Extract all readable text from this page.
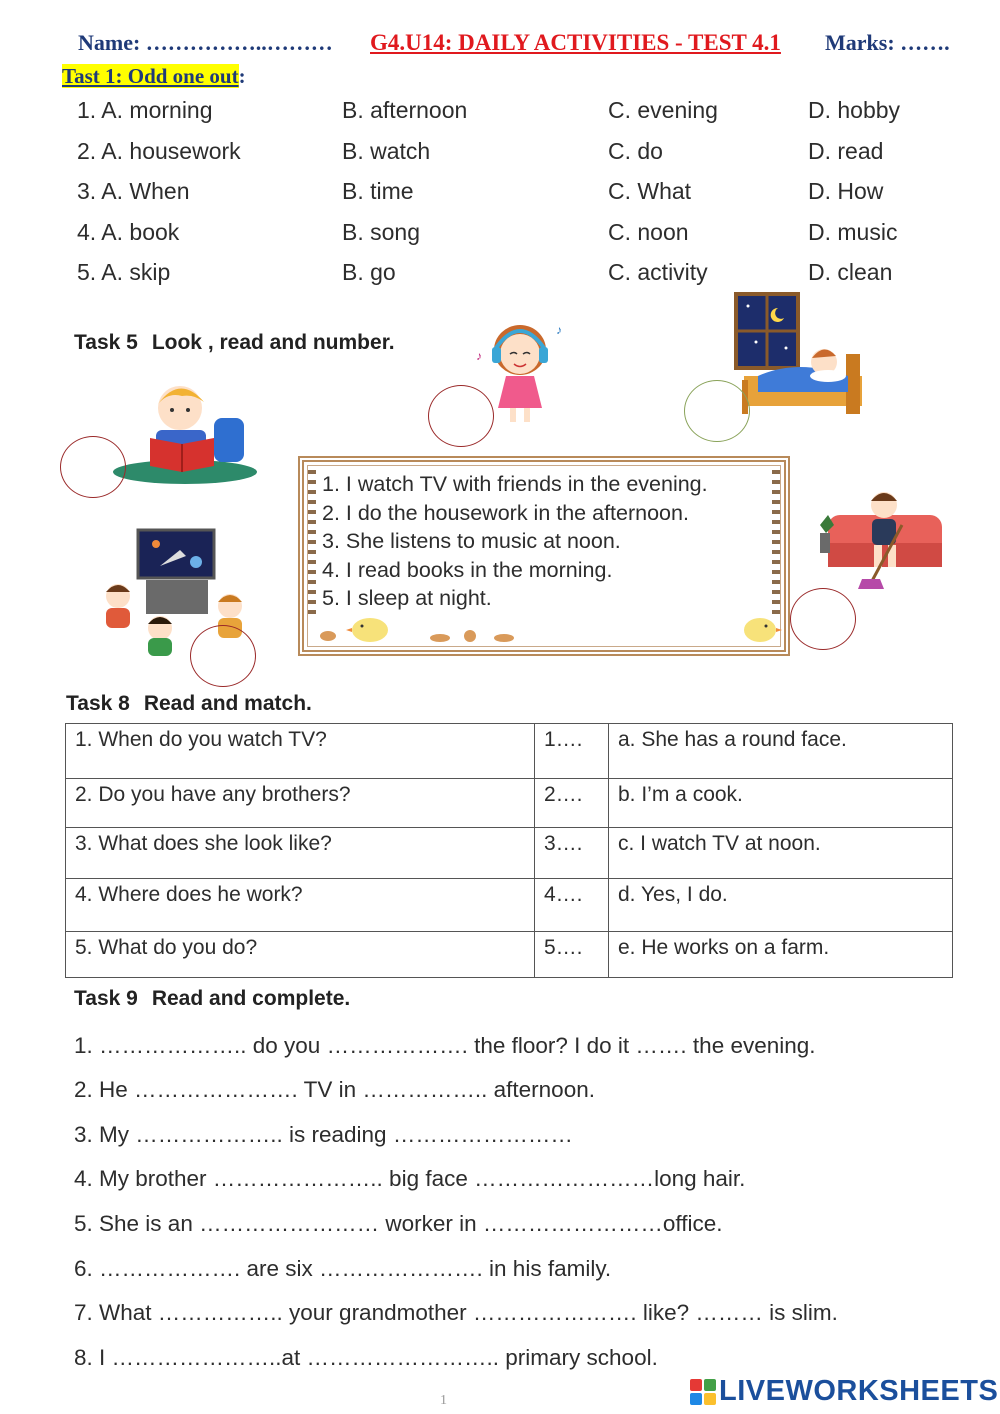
Name: ……………..……… G4.U14: DAILY ACTIVITIES - TEST 4.1 Marks: …….
Tast 1: Odd one out:
1. A. morning	B. afternoon	C. evening	D. hobby
2. A. housework	B. watch	C. do	D. read
3. A. When	B. time	C. What	D. How
4. A. book	B. song	C. noon	D. music
5. A. skip	B. go	C. activity	D. clean
Task 5 Look , read and number.
♪
♪
1. I watch TV with friends in the evening.
2. I do the housework in the afternoon.
3. She listens to music at noon.
4. I read books in the morning.
5. I sleep at night.
Task 8 Read and match.
1. When do you watch TV?	1….	a. She has a round face.
2. Do you have any brothers?	2….	b. I’m a cook.
3. What does she look like?	3….	c. I watch TV at noon.
4. Where does he work?	4….	d. Yes, I do.
5. What do you do?	5….	e. He works on a farm.
Task 9 Read and complete.
1. ……………….. do you ………………. the floor? I do it ……. the evening.
2. He …………………. TV in …………….. afternoon.
3. My ……………….. is reading ……………………
4. My brother ………………….. big face ……………………long hair.
5. She is an …………………… worker in ……………………office.
6. ………………. are six …………………. in his family.
7. What …………….. your grandmother …………………. like? ……… is slim.
8. I …………………..at …………………….. primary school.
1	LIVEWORKSHEETS
